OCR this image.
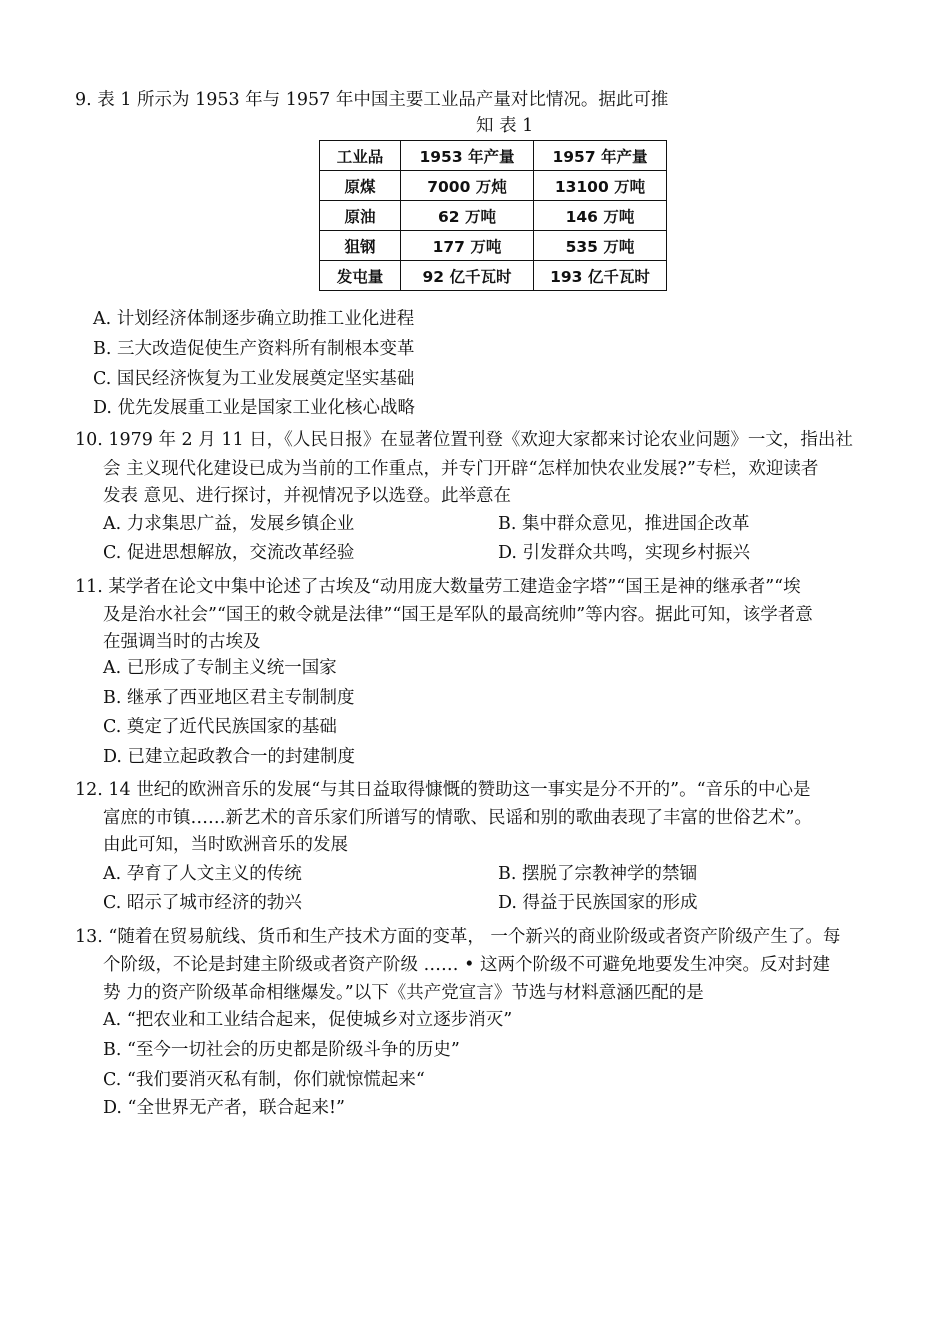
9. 表 1 所示为 1953 年与 1957 年中国主要工业品产量对比情况。据此可推
知 表 1
工业品	1953 年产量	1957 年产量
原煤	7000 万炖	13100 万吨
原油	62 万吨	146 万吨
狙钢	177 万吨	535 万吨
发屯量	92 亿千瓦时	193 亿千瓦时
A. 计划经济体制逐步确立助推工业化进程
B. 三大改造促使生产资料所有制根本变革
C. 国民经济恢复为工业发展奠定坚实基础
D. 优先发展重工业是国家工业化核心战略
10. 1979 年 2 月 11 日，《人民日报》在显著位置刊登《欢迎大家都来讨论农业问题》一文，指出社
会 主义现代化建设已成为当前的工作重点，并专门开辟“怎样加快农业发展?”专栏，欢迎读者
发表 意见、进行探讨，并视情况予以选登。此举意在
A. 力求集思广益，发展乡镇企业	B. 集中群众意见，推进国企改革
C. 促进思想解放，交流改革经验	D. 引发群众共鸣，实现乡村振兴
11. 某学者在论文中集中论述了古埃及“动用庞大数量劳工建造金字塔”“国王是神的继承者”“埃
及是治水社会”“国王的敕令就是法律”“国王是军队的最高统帅”等内容。据此可知，该学者意
在强调当时的古埃及
A. 已形成了专制主义统一国家
B. 继承了西亚地区君主专制制度
C. 奠定了近代民族国家的基础
D. 已建立起政教合一的封建制度
12. 14 世纪的欧洲音乐的发展“与其日益取得慷慨的赞助这一事实是分不开的”。“音乐的中心是
富庶的市镇……新艺术的音乐家们所谱写的情歌、民谣和别的歌曲表现了丰富的世俗艺术”。
由此可知，当时欧洲音乐的发展
A. 孕育了人文主义的传统	B. 摆脱了宗教神学的禁锢
C. 昭示了城市经济的勃兴	D. 得益于民族国家的形成
13. “随着在贸易航线、货币和生产技术方面的变革， 一个新兴的商业阶级或者资产阶级产生了。每
个阶级，不论是封建主阶级或者资产阶级 …… • 这两个阶级不可避免地要发生冲突。反对封建
势 力的资产阶级革命相继爆发。”以下《共产党宣言》节选与材料意涵匹配的是
A. “把农业和工业结合起来，促使城乡对立逐步消灭”
B. “至今一切社会的历史都是阶级斗争的历史”
C. “我们要消灭私有制，你们就惊慌起来“
D. “全世界无产者，联合起来!”
